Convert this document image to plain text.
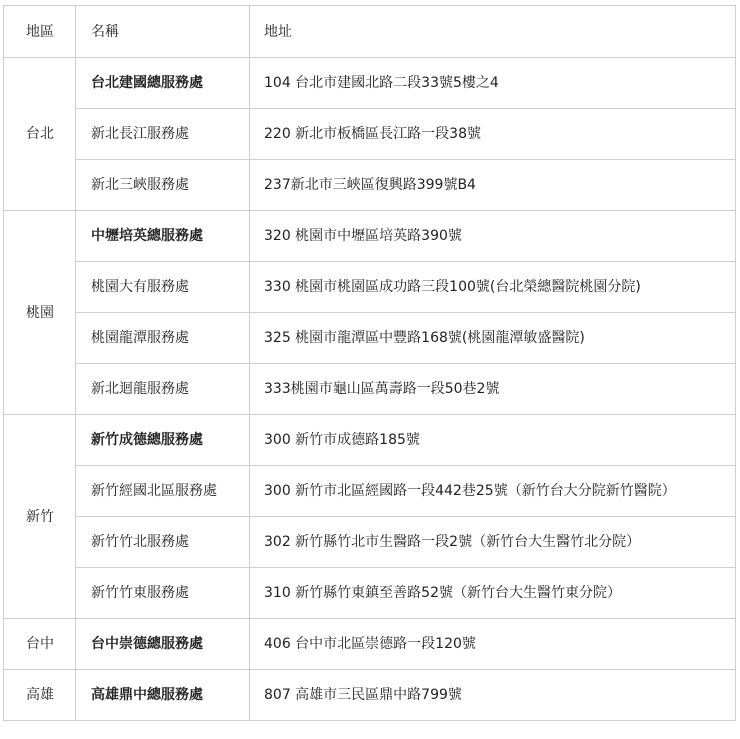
地區	名稱	地址
台北	台北建國總服務處	104 台北市建國北路二段33號5樓之4
	新北長江服務處	220 新北市板橋區長江路一段38號
	新北三峽服務處	237新北市三峽區復興路399號B4
桃園	中壢培英總服務處	320 桃園市中壢區培英路390號
	桃園大有服務處	330 桃園市桃園區成功路三段100號(台北榮總醫院桃園分院)
	桃園龍潭服務處	325 桃園市龍潭區中豐路168號(桃園龍潭敏盛醫院)
	新北迴龍服務處	333桃園市龜山區萬壽路一段50巷2號
新竹	新竹成德總服務處	300 新竹市成德路185號
	新竹經國北區服務處	300 新竹市北區經國路一段442巷25號（新竹台大分院新竹醫院）
	新竹竹北服務處	302 新竹縣竹北市生醫路一段2號（新竹台大生醫竹北分院）
	新竹竹東服務處	310 新竹縣竹東鎮至善路52號（新竹台大生醫竹東分院）
台中	台中崇德總服務處	406 台中市北區崇德路一段120號
高雄	高雄鼎中總服務處	807 高雄市三民區鼎中路799號
